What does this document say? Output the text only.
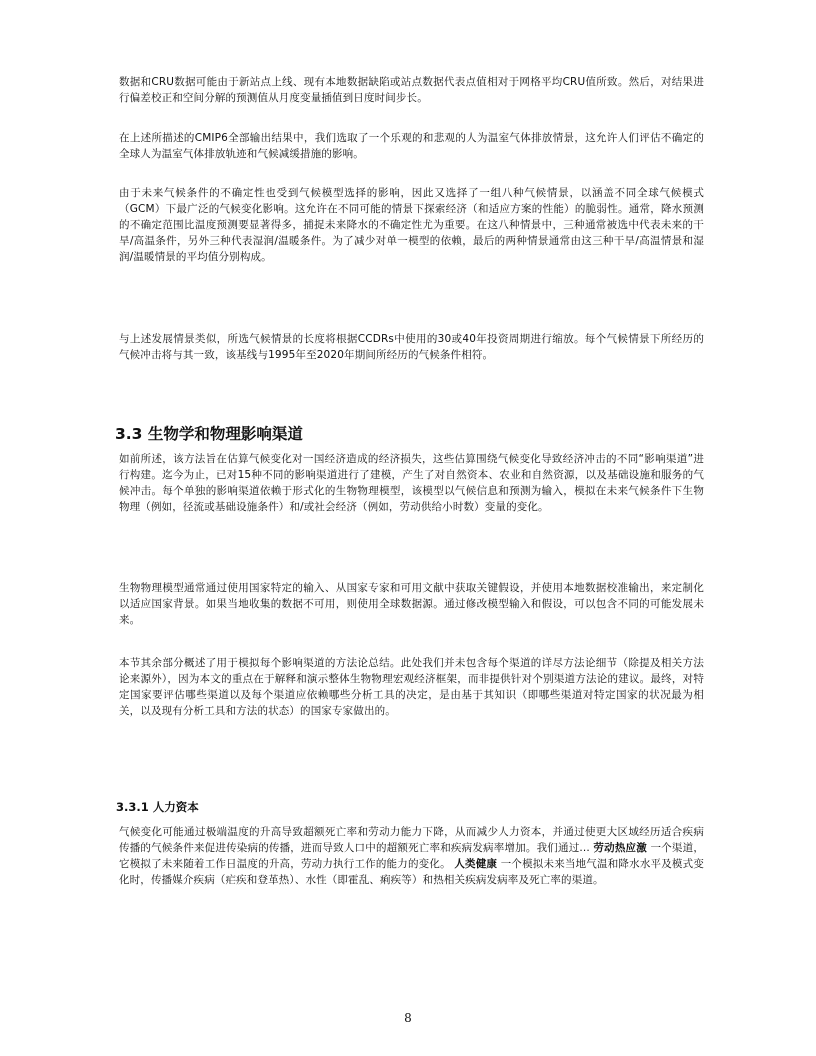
数据和CRU数据可能由于新站点上线、现有本地数据缺陷或站点数据代表点值相对于网格平均CRU值所致。然后，对结果进行偏差校正和空间分解的预测值从月度变量插值到日度时间步长。

在上述所描述的CMIP6全部输出结果中，我们选取了一个乐观的和悲观的人为温室气体排放情景，这允许人们评估不确定的全球人为温室气体排放轨迹和气候减缓措施的影响。

由于未来气候条件的不确定性也受到气候模型选择的影响，因此又选择了一组八种气候情景，以涵盖不同全球气候模式（GCM）下最广泛的气候变化影响。这允许在不同可能的情景下探索经济（和适应方案的性能）的脆弱性。通常，降水预测的不确定范围比温度预测要显著得多，捕捉未来降水的不确定性尤为重要。在这八种情景中，三种通常被选中代表未来的干旱/高温条件，另外三种代表湿润/温暖条件。为了减少对单一模型的依赖，最后的两种情景通常由这三种干旱/高温情景和湿润/温暖情景的平均值分别构成。

与上述发展情景类似，所选气候情景的长度将根据CCDRs中使用的30或40年投资周期进行缩放。每个气候情景下所经历的气候冲击将与其一致，该基线与1995年至2020年期间所经历的气候条件相符。

3.3 生物学和物理影响渠道

如前所述，该方法旨在估算气候变化对一国经济造成的经济损失，这些估算围绕气候变化导致经济冲击的不同“影响渠道”进行构建。迄今为止，已对15种不同的影响渠道进行了建模，产生了对自然资本、农业和自然资源，以及基础设施和服务的气候冲击。每个单独的影响渠道依赖于形式化的生物物理模型，该模型以气候信息和预测为输入，模拟在未来气候条件下生物物理（例如，径流或基础设施条件）和/或社会经济（例如，劳动供给小时数）变量的变化。

生物物理模型通常通过使用国家特定的输入、从国家专家和可用文献中获取关键假设，并使用本地数据校准输出，来定制化以适应国家背景。如果当地收集的数据不可用，则使用全球数据源。通过修改模型输入和假设，可以包含不同的可能发展未来。

本节其余部分概述了用于模拟每个影响渠道的方法论总结。此处我们并未包含每个渠道的详尽方法论细节（除提及相关方法论来源外），因为本文的重点在于解释和演示整体生物物理宏观经济框架，而非提供针对个别渠道方法论的建议。最终，对特定国家要评估哪些渠道以及每个渠道应依赖哪些分析工具的决定，是由基于其知识（即哪些渠道对特定国家的状况最为相关，以及现有分析工具和方法的状态）的国家专家做出的。

3.3.1 人力资本

气候变化可能通过极端温度的升高导致超额死亡率和劳动力能力下降，从而减少人力资本，并通过使更大区域经历适合疾病传播的气候条件来促进传染病的传播，进而导致人口中的超额死亡率和疾病发病率增加。我们通过... 劳动热应激 一个渠道，它模拟了未来随着工作日温度的升高，劳动力执行工作的能力的变化。 人类健康 一个模拟未来当地气温和降水水平及模式变化时，传播媒介疾病（疟疾和登革热）、水性（即霍乱、痢疾等）和热相关疾病发病率及死亡率的渠道。

8
